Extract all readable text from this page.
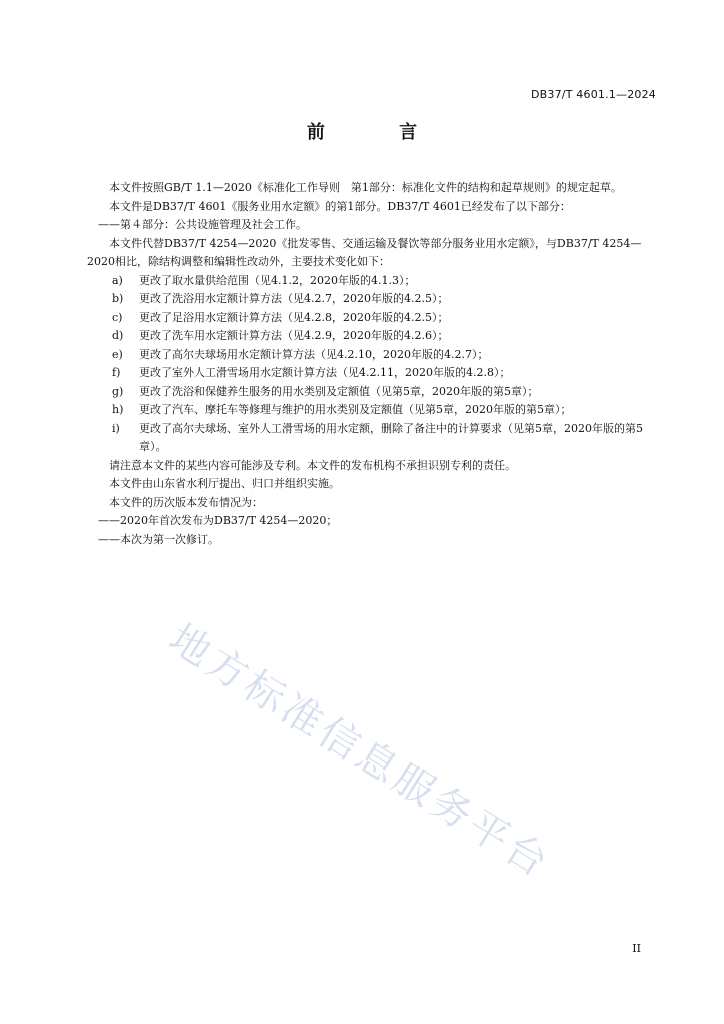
DB37/T 4601.1—2024
前 言

本文件按照GB/T 1.1—2020《标准化工作导则　第1部分：标准化文件的结构和起草规则》的规定起草。

本文件是DB37/T 4601《服务业用水定额》的第1部分。DB37/T 4601已经发布了以下部分：

——第４部分：公共设施管理及社会工作。

本文件代替DB37/T 4254—2020《批发零售、交通运输及餐饮等部分服务业用水定额》，与DB37/T 4254—2020相比，除结构调整和编辑性改动外，主要技术变化如下：

a) 更改了取水量供给范围（见4.1.2，2020年版的4.1.3）；

b) 更改了洗浴用水定额计算方法（见4.2.7，2020年版的4.2.5）；

c) 更改了足浴用水定额计算方法（见4.2.8，2020年版的4.2.5）；

d) 更改了洗车用水定额计算方法（见4.2.9，2020年版的4.2.6）；

e) 更改了高尔夫球场用水定额计算方法（见4.2.10，2020年版的4.2.7）；

f) 更改了室外人工滑雪场用水定额计算方法（见4.2.11，2020年版的4.2.8）；

g) 更改了洗浴和保健养生服务的用水类别及定额值（见第5章，2020年版的第5章）；

h) 更改了汽车、摩托车等修理与维护的用水类别及定额值（见第5章，2020年版的第5章）；

i) 更改了高尔夫球场、室外人工滑雪场的用水定额，删除了备注中的计算要求（见第5章，2020年版的第5章）。

请注意本文件的某些内容可能涉及专利。本文件的发布机构不承担识别专利的责任。

本文件由山东省水利厅提出、归口并组织实施。

本文件的历次版本发布情况为：

——2020年首次发布为DB37/T 4254—2020；

——本次为第一次修订。

地方标准信息服务平台
II
